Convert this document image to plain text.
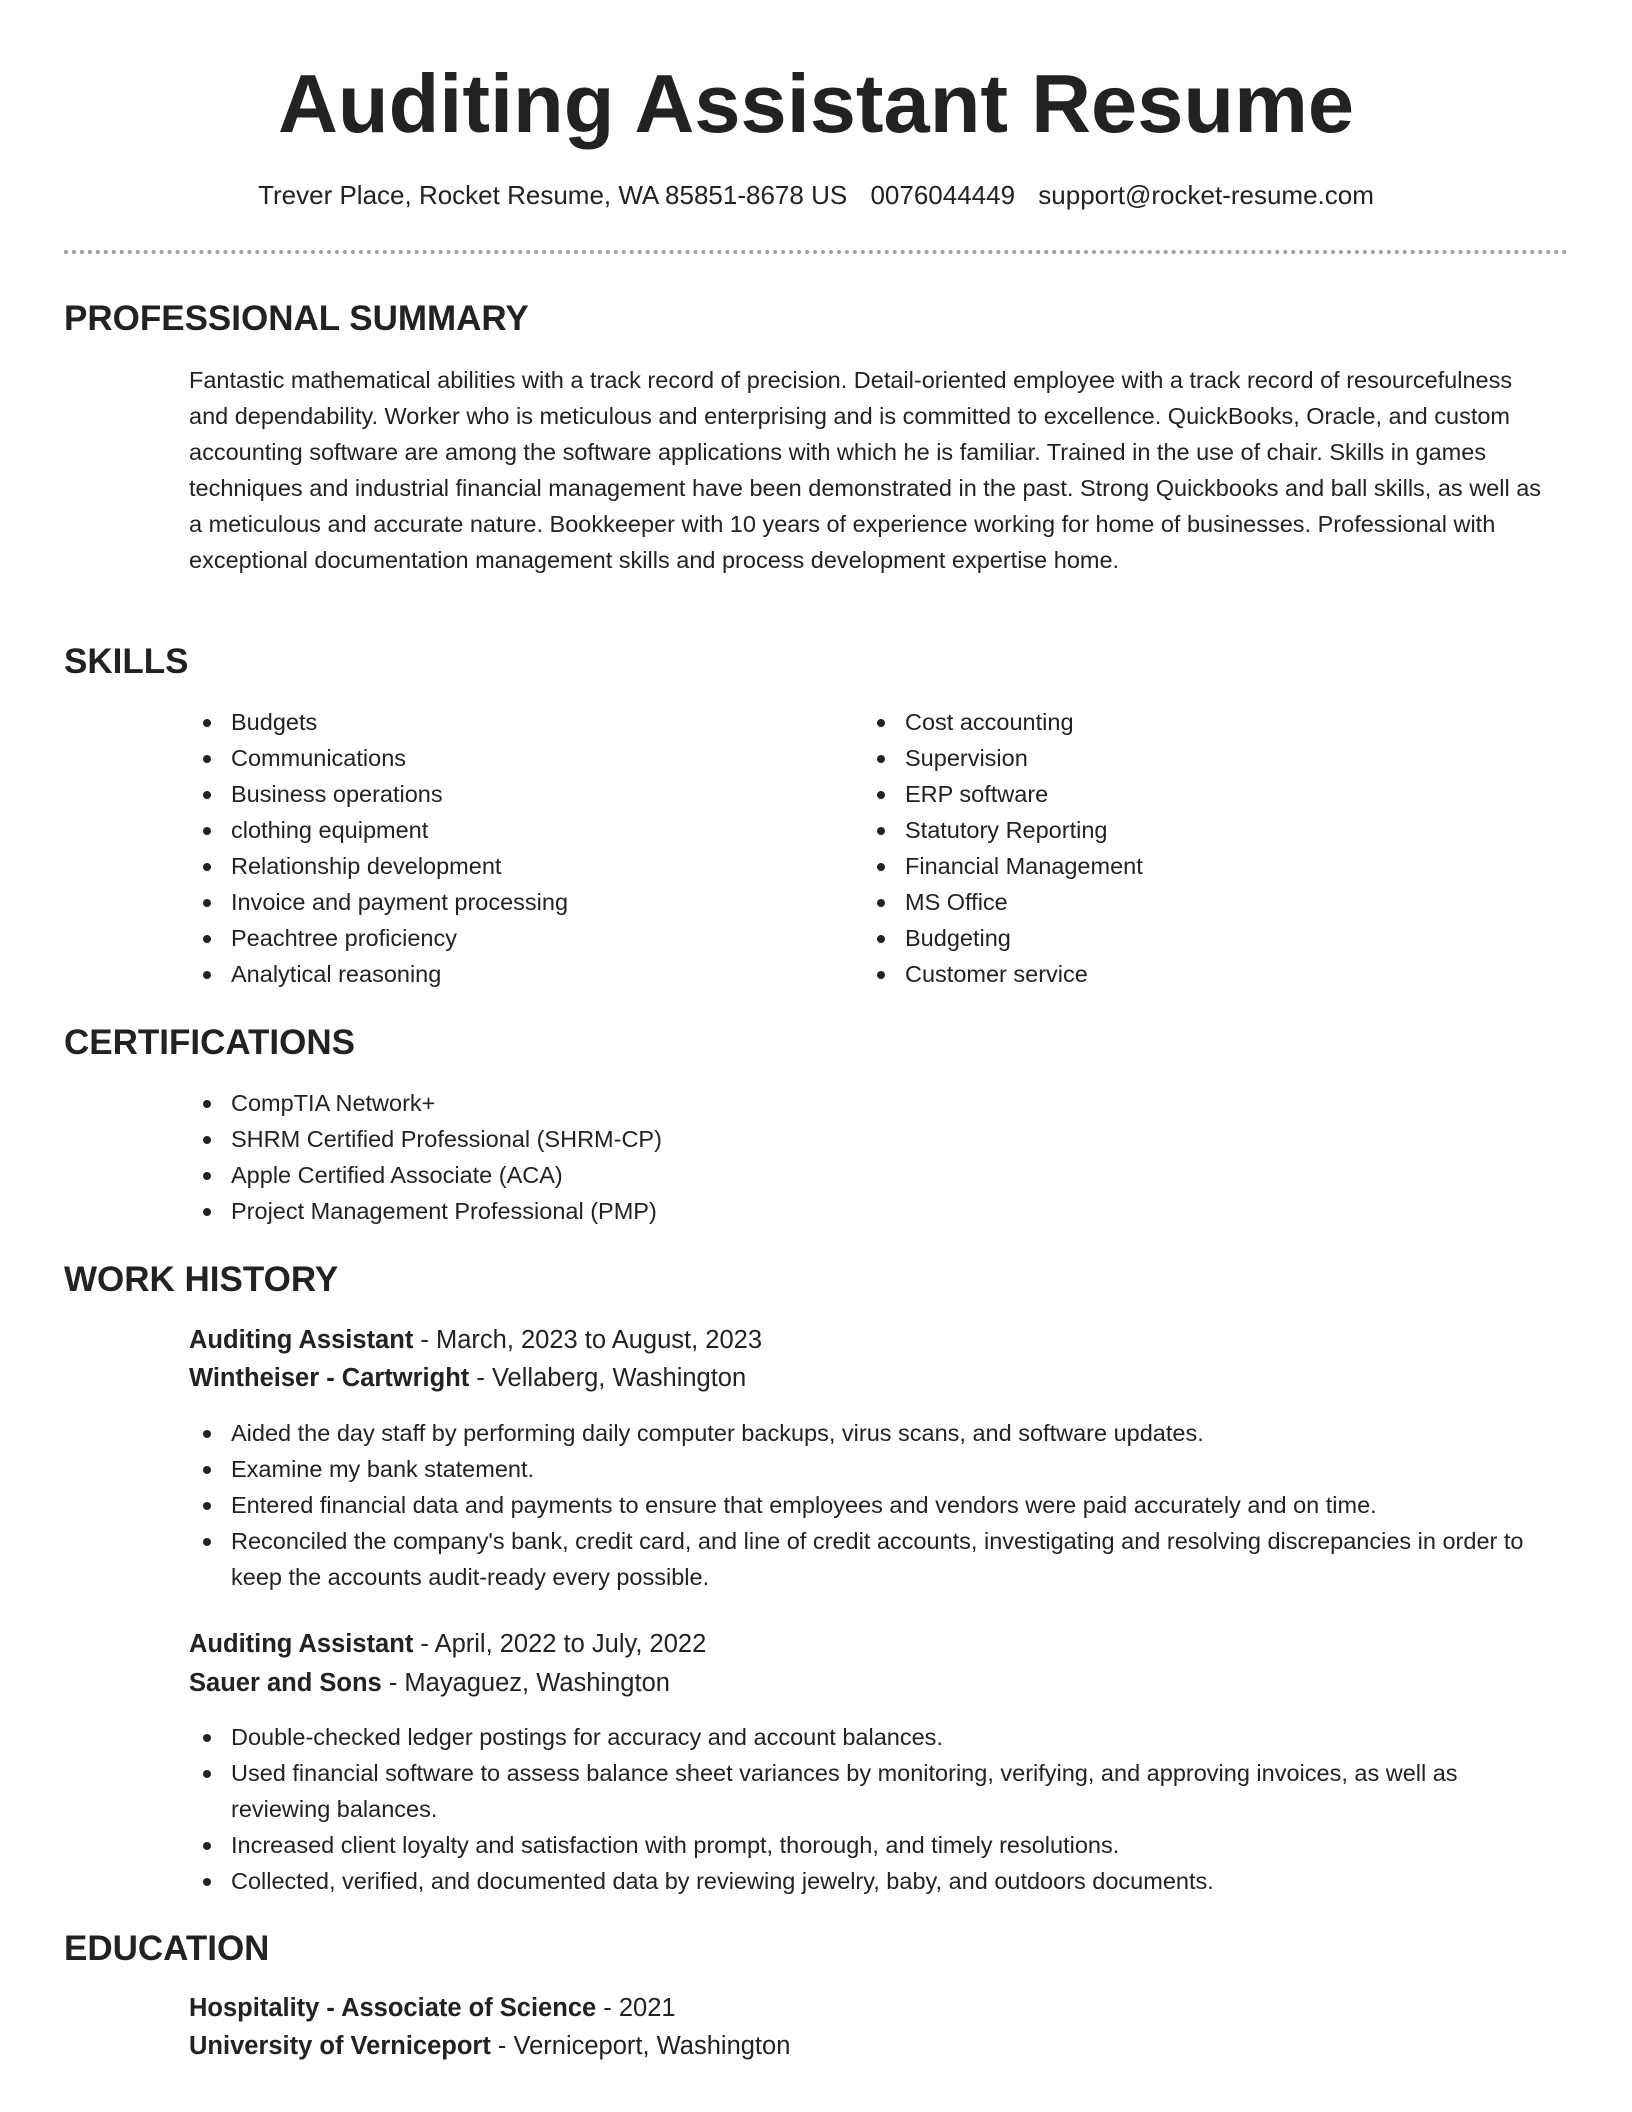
Auditing Assistant Resume
Trever Place, Rocket Resume, WA 85851-8678 US 0076044449 support@rocket-resume.com
PROFESSIONAL SUMMARY

Fantastic mathematical abilities with a track record of precision. Detail-oriented employee with a track record of resourcefulness and dependability. Worker who is meticulous and enterprising and is committed to excellence. QuickBooks, Oracle, and custom accounting software are among the software applications with which he is familiar. Trained in the use of chair. Skills in games techniques and industrial financial management have been demonstrated in the past. Strong Quickbooks and ball skills, as well as a meticulous and accurate nature. Bookkeeper with 10 years of experience working for home of businesses. Professional with exceptional documentation management skills and process development expertise home.

SKILLS
Budgets
Communications
Business operations
clothing equipment
Relationship development
Invoice and payment processing
Peachtree proficiency
Analytical reasoning
Cost accounting
Supervision
ERP software
Statutory Reporting
Financial Management
MS Office
Budgeting
Customer service
CERTIFICATIONS
CompTIA Network+
SHRM Certified Professional (SHRM-CP)
Apple Certified Associate (ACA)
Project Management Professional (PMP)
WORK HISTORY
Auditing Assistant - March, 2023 to August, 2023
Wintheiser - Cartwright - Vellaberg, Washington
Aided the day staff by performing daily computer backups, virus scans, and software updates.
Examine my bank statement.
Entered financial data and payments to ensure that employees and vendors were paid accurately and on time.
Reconciled the company's bank, credit card, and line of credit accounts, investigating and resolving discrepancies in order to keep the accounts audit-ready every possible.
Auditing Assistant - April, 2022 to July, 2022
Sauer and Sons - Mayaguez, Washington
Double-checked ledger postings for accuracy and account balances.
Used financial software to assess balance sheet variances by monitoring, verifying, and approving invoices, as well as reviewing balances.
Increased client loyalty and satisfaction with prompt, thorough, and timely resolutions.
Collected, verified, and documented data by reviewing jewelry, baby, and outdoors documents.
EDUCATION
Hospitality - Associate of Science - 2021
University of Verniceport - Verniceport, Washington
